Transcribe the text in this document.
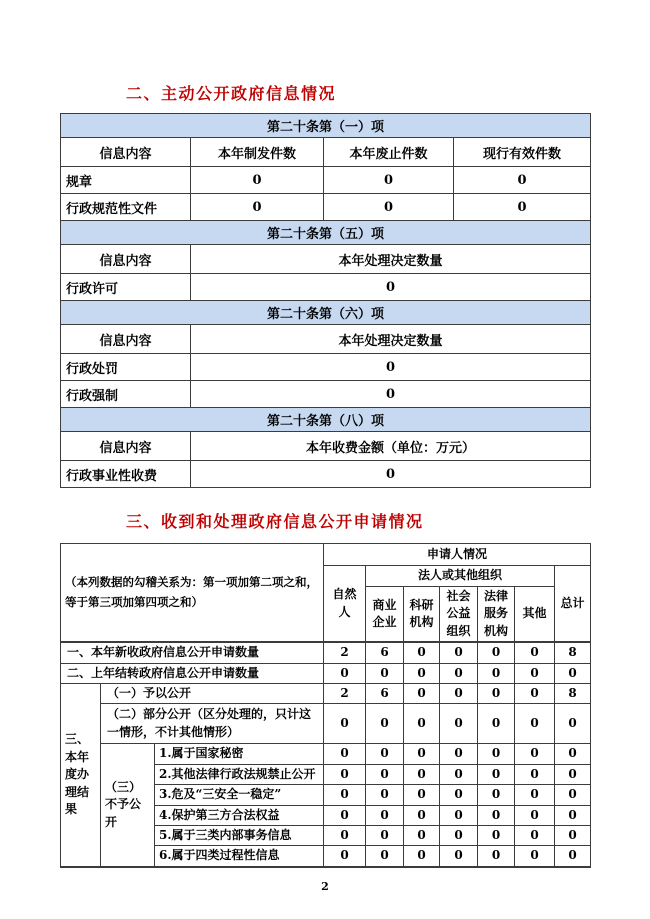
二、主动公开政府信息情况
第二十条第（一）项			
信息内容	本年制发件数	本年废止件数	现行有效件数
规章	0	0	0
行政规范性文件	0	0	0
第二十条第（五）项			
信息内容	本年处理决定数量		
行政许可	0		
第二十条第（六）项			
信息内容	本年处理决定数量		
行政处罚	0		
行政强制	0		
第二十条第（八）项			
信息内容	本年收费金额（单位：万元）		
行政事业性收费	0		
三、收到和处理政府信息公开申请情况
（本列数据的勾稽关系为：第一项加第二项之和，等于第三项加第四项之和）			申请人情况						
			自然人	法人或其他组织					总计
				商业企业	科研机构	社会公益组织	法律服务机构	其他	
一、本年新收政府信息公开申请数量			2	6	0	0	0	0	8
二、上年结转政府信息公开申请数量			0	0	0	0	0	0	0
三、本年度办理结果	（一）予以公开		2	6	0	0	0	0	8
	（二）部分公开（区分处理的，只计这一情形，不计其他情形）		0	0	0	0	0	0	0
	（三）不予公开	1.属于国家秘密	0	0	0	0	0	0	0
		2.其他法律行政法规禁止公开	0	0	0	0	0	0	0
		3.危及“三安全一稳定”	0	0	0	0	0	0	0
		4.保护第三方合法权益	0	0	0	0	0	0	0
		5.属于三类内部事务信息	0	0	0	0	0	0	0
		6.属于四类过程性信息	0	0	0	0	0	0	0
2
